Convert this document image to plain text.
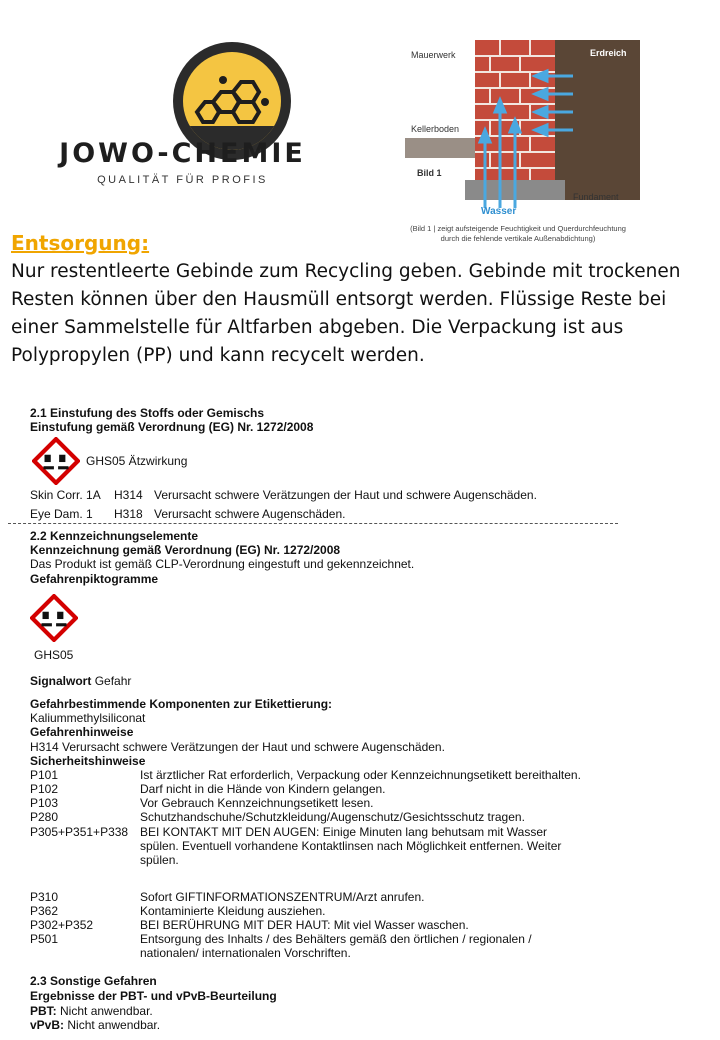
JOWO-CHEMIE
QUALITÄT FÜR PROFIS
Mauerwerk	Erdreich
Kellerboden
Bild 1
Fundament
Wasser
(Bild 1 | zeigt aufsteigende Feuchtigkeit und Querdurchfeuchtung
durch die fehlende vertikale Außenabdichtung)
Entsorgung:
Nur restentleerte Gebinde zum Recycling geben. Gebinde mit trockenen Resten können über den Hausmüll entsorgt werden. Flüssige Reste bei einer Sammelstelle für Altfarben abgeben. Die Verpackung ist aus Polypropylen (PP) und kann recycelt werden.
2.1 Einstufung des Stoffs oder Gemischs
Einstufung gemäß Verordnung (EG) Nr. 1272/2008
GHS05 Ätzwirkung
Skin Corr. 1A H314 Verursacht schwere Verätzungen der Haut und schwere Augenschäden.
Eye Dam. 1 H318 Verursacht schwere Augenschäden.
2.2 Kennzeichnungselemente
Kennzeichnung gemäß Verordnung (EG) Nr. 1272/2008
Das Produkt ist gemäß CLP-Verordnung eingestuft und gekennzeichnet.
Gefahrenpiktogramme
GHS05
Signalwort Gefahr
Gefahrbestimmende Komponenten zur Etikettierung:
Kaliummethylsiliconat
Gefahrenhinweise
H314 Verursacht schwere Verätzungen der Haut und schwere Augenschäden.
Sicherheitshinweise
P101	Ist ärztlicher Rat erforderlich, Verpackung oder Kennzeichnungsetikett bereithalten.
P102	Darf nicht in die Hände von Kindern gelangen.
P103	Vor Gebrauch Kennzeichnungsetikett lesen.
P280	Schutzhandschuhe/Schutzkleidung/Augenschutz/Gesichtsschutz tragen.
P305+P351+P338 BEI KONTAKT MIT DEN AUGEN: Einige Minuten lang behutsam mit Wasser
spülen. Eventuell vorhandene Kontaktlinsen nach Möglichkeit entfernen. Weiter
spülen.
P310	Sofort GIFTINFORMATIONSZENTRUM/Arzt anrufen.
P362	Kontaminierte Kleidung ausziehen.
P302+P352	BEI BERÜHRUNG MIT DER HAUT: Mit viel Wasser waschen.
P501	Entsorgung des Inhalts / des Behälters gemäß den örtlichen / regionalen /
nationalen/ internationalen Vorschriften.
2.3 Sonstige Gefahren
Ergebnisse der PBT- und vPvB-Beurteilung
PBT: Nicht anwendbar.
vPvB: Nicht anwendbar.
